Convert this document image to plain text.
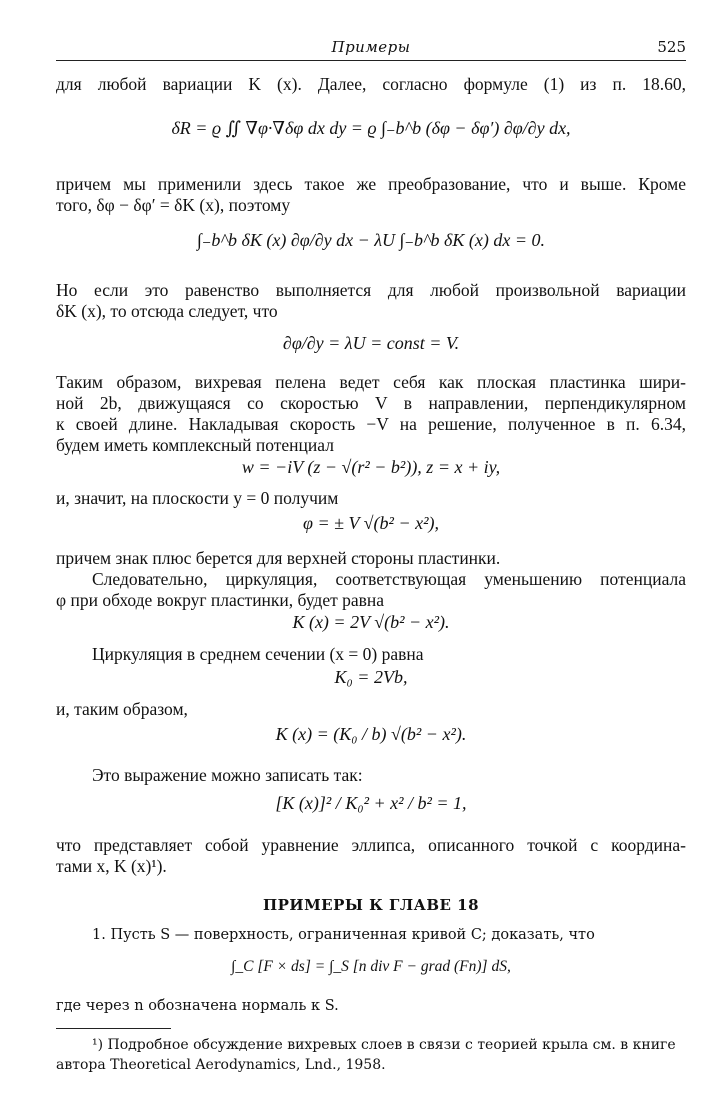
Примеры	525
для любой вариации K (x). Далее, согласно формуле (1) из п. 18.60,
δR = ϱ ∬ ∇φ·∇δφ dx dy = ϱ ∫₋b^b (δφ − δφ′) ∂φ/∂y dx,
причем мы применили здесь такое же преобразование, что и выше. Кроме
того, δφ − δφ′ = δK (x), поэтому
∫₋b^b δK (x) ∂φ/∂y dx − λU ∫₋b^b δK (x) dx = 0.
Но если это равенство выполняется для любой произвольной вариации
δK (x), то отсюда следует, что
∂φ/∂y = λU = const = V.
Таким образом, вихревая пелена ведет себя как плоская пластинка шири-
ной 2b, движущаяся со скоростью V в направлении, перпендикулярном
к своей длине. Накладывая скорость −V на решение, полученное в п. 6.34,
будем иметь комплексный потенциал
w = −iV (z − √(r² − b²)), z = x + iy,
и, значит, на плоскости y = 0 получим
φ = ± V √(b² − x²),
причем знак плюс берется для верхней стороны пластинки.
Следовательно, циркуляция, соответствующая уменьшению потенциала
φ при обходе вокруг пластинки, будет равна
K (x) = 2V √(b² − x²).
Циркуляция в среднем сечении (x = 0) равна
K₀ = 2Vb,
и, таким образом,
K (x) = (K₀ / b) √(b² − x²).
Это выражение можно записать так:
[K (x)]² / K₀² + x² / b² = 1,
что представляет собой уравнение эллипса, описанного точкой с координа-
тами x, K (x)¹).
ПРИМЕРЫ К ГЛАВЕ 18
1. Пусть S — поверхность, ограниченная кривой C; доказать, что
∫_C [F × ds] = ∫_S [n div F − grad (Fn)] dS,
где через n обозначена нормаль к S.
¹) Подробное обсуждение вихревых слоев в связи с теорией крыла см. в книге
автора Theoretical Aerodynamics, Lnd., 1958.
